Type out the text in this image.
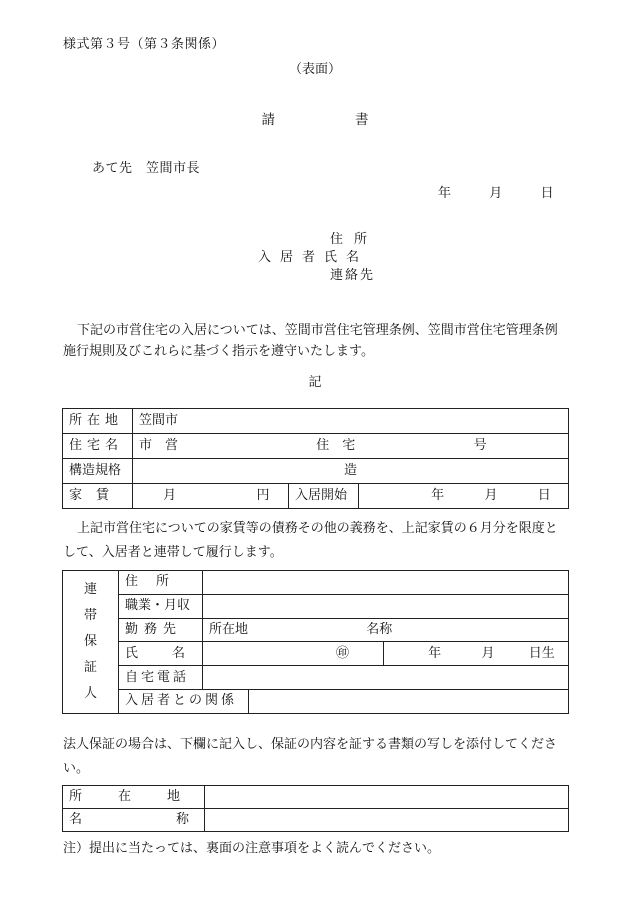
様式第３号（第３条関係）
（表面）
請書
あて先　笠間市長
年	月	日
住所
入居者氏名
連絡先
下記の市営住宅の入居については、笠間市営住宅管理条例、笠間市営住宅管理条例施行規則及びこれらに基づく指示を遵守いたします。
記
所在地	笠間市		
住宅名	市　営 住　宅 号		
構造規格	造		
家賃	月 円	入居開始	年 月 日
上記市営住宅についての家賃等の債務その他の義務を、上記家賃の６月分を限度として、入居者と連帯して履行します。
連
帯
保
証
人	住所			
	職業・月収			
	勤務先	所在地 名称		
	氏名	㊞		年 月 日生
	自宅電話			
	入居者との関係			
法人保証の場合は、下欄に記入し、保証の内容を証する書類の写しを添付してください。
所在地	
名称	
注）提出に当たっては、裏面の注意事項をよく読んでください。
